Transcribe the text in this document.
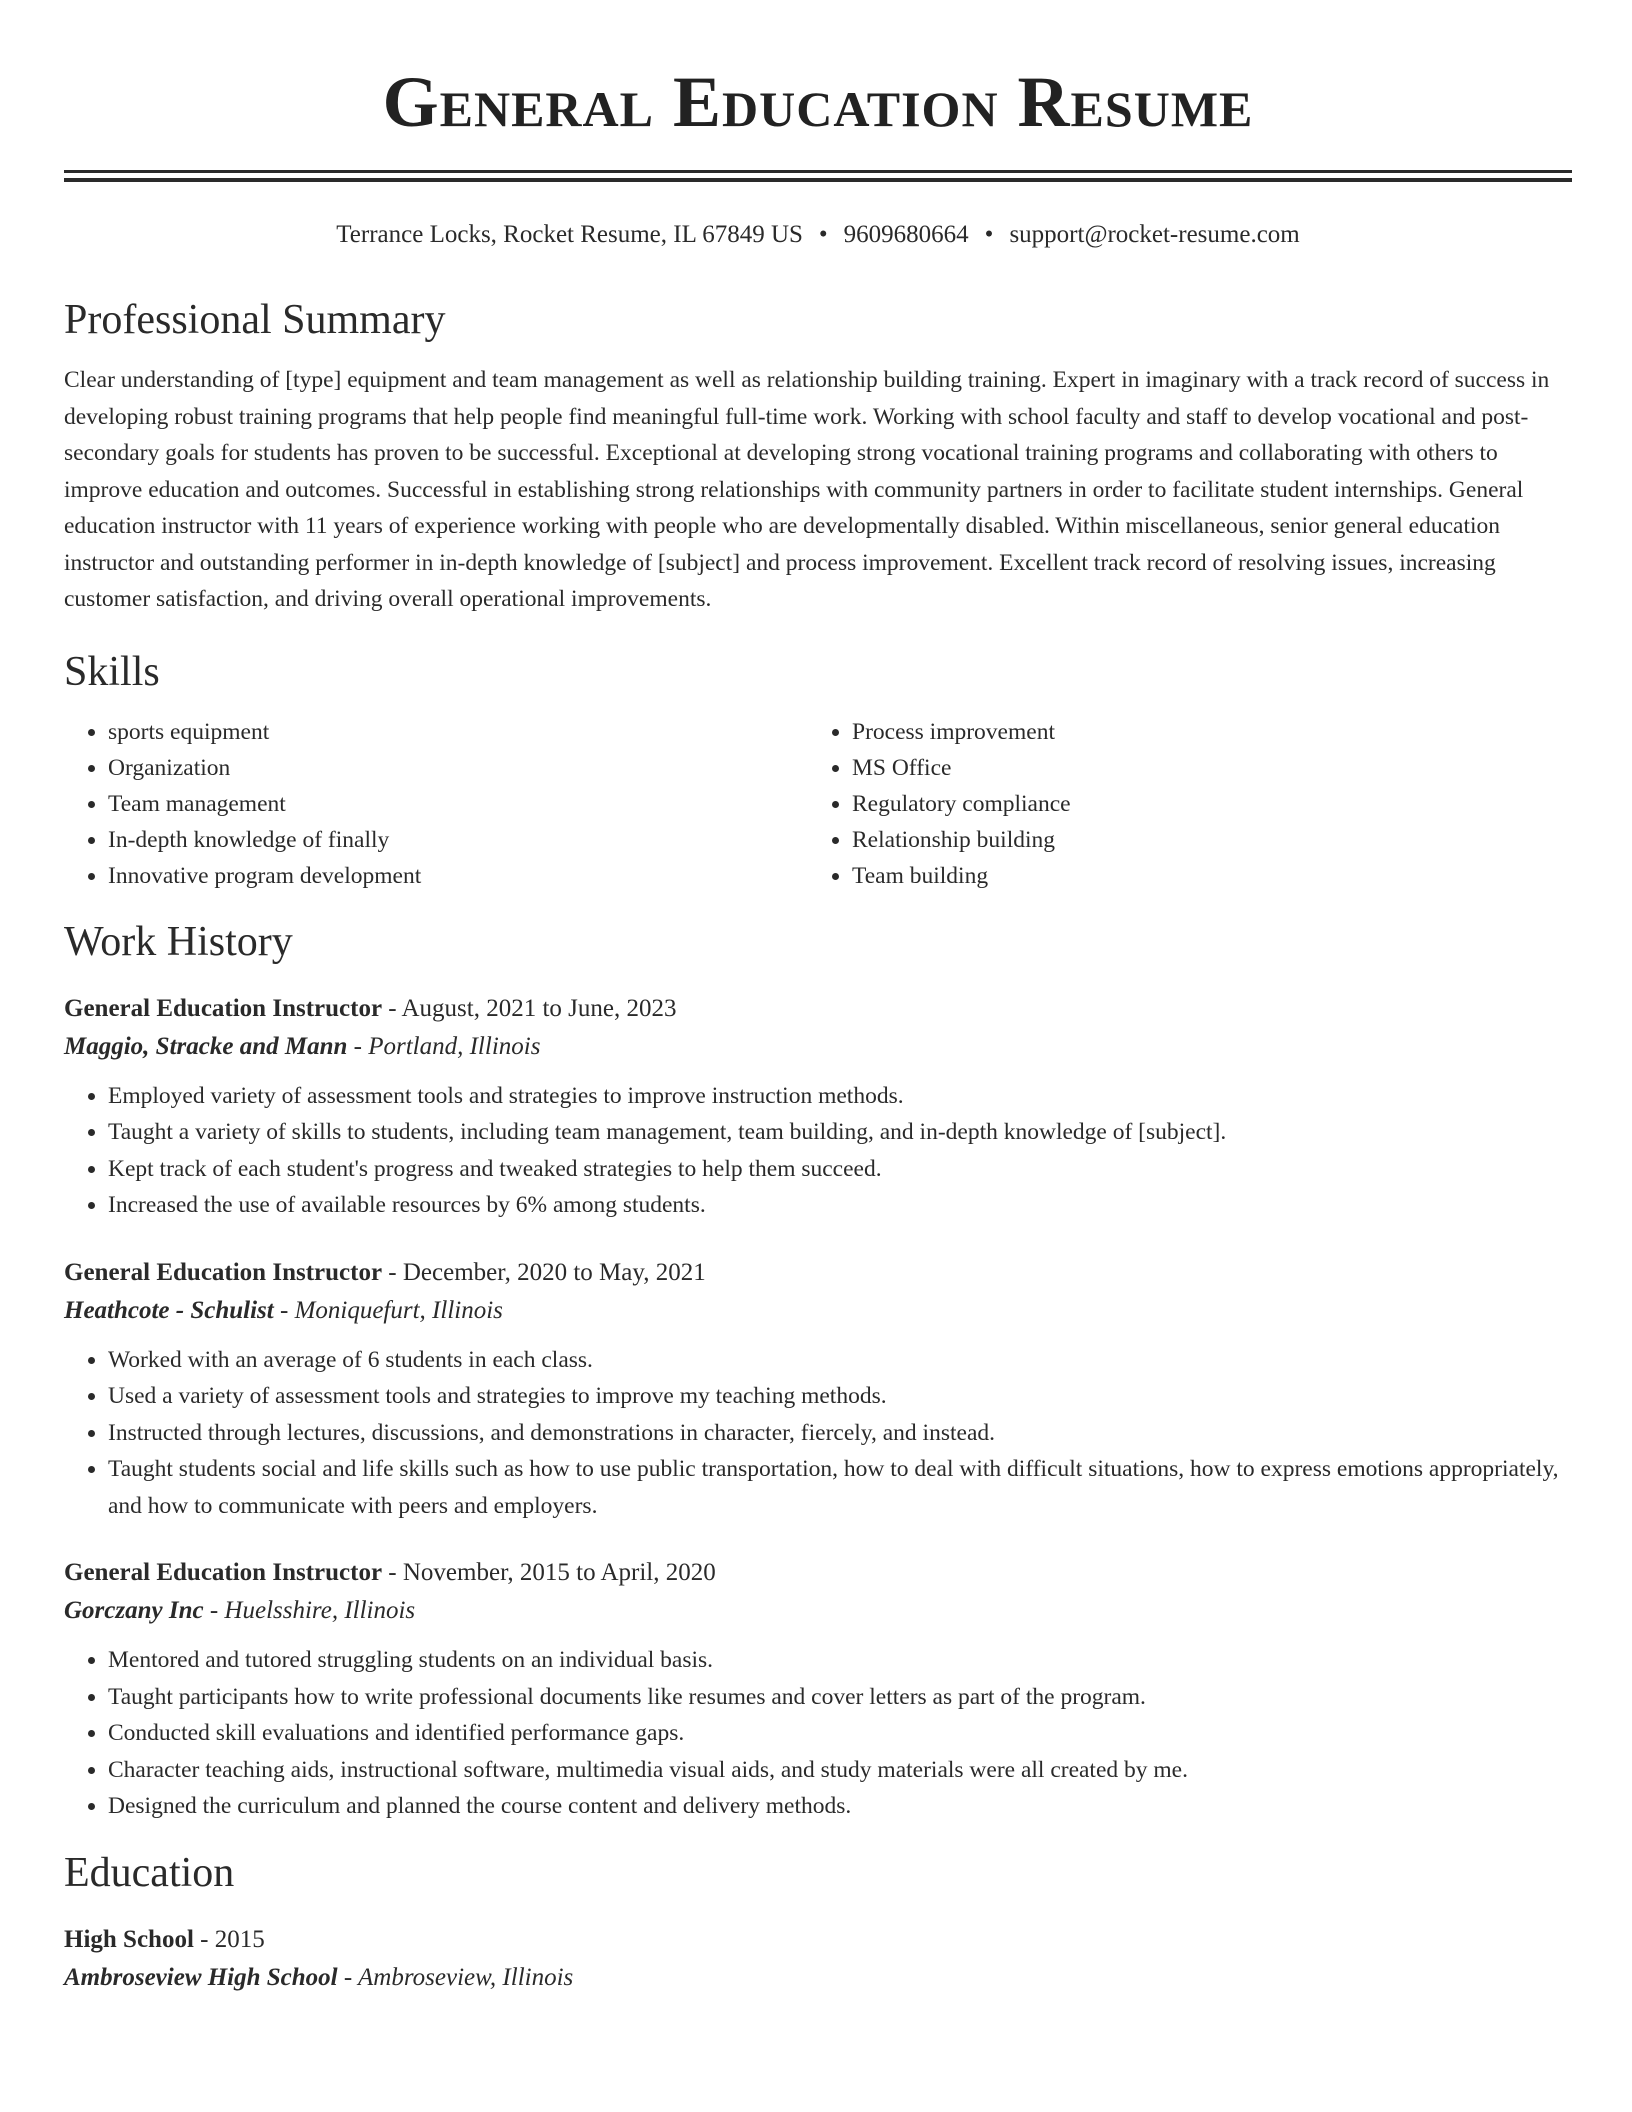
General Education Resume
Terrance Locks, Rocket Resume, IL 67849 US • 9609680664 • support@rocket-resume.com
Professional Summary
Clear understanding of [type] equipment and team management as well as relationship building training. Expert in imaginary with a track record of success in developing robust training programs that help people find meaningful full-time work. Working with school faculty and staff to develop vocational and post-secondary goals for students has proven to be successful. Exceptional at developing strong vocational training programs and collaborating with others to improve education and outcomes. Successful in establishing strong relationships with community partners in order to facilitate student internships. General education instructor with 11 years of experience working with people who are developmentally disabled. Within miscellaneous, senior general education instructor and outstanding performer in in-depth knowledge of [subject] and process improvement. Excellent track record of resolving issues, increasing customer satisfaction, and driving overall operational improvements.
Skills
• sports equipment
• Organization
• Team management
• In-depth knowledge of finally
• Innovative program development
• Process improvement
• MS Office
• Regulatory compliance
• Relationship building
• Team building
Work History
General Education Instructor - August, 2021 to June, 2023
Maggio, Stracke and Mann - Portland, Illinois
• Employed variety of assessment tools and strategies to improve instruction methods.
• Taught a variety of skills to students, including team management, team building, and in-depth knowledge of [subject].
• Kept track of each student's progress and tweaked strategies to help them succeed.
• Increased the use of available resources by 6% among students.
General Education Instructor - December, 2020 to May, 2021
Heathcote - Schulist - Moniquefurt, Illinois
• Worked with an average of 6 students in each class.
• Used a variety of assessment tools and strategies to improve my teaching methods.
• Instructed through lectures, discussions, and demonstrations in character, fiercely, and instead.
• Taught students social and life skills such as how to use public transportation, how to deal with difficult situations, how to express emotions appropriately, and how to communicate with peers and employers.
General Education Instructor - November, 2015 to April, 2020
Gorczany Inc - Huelsshire, Illinois
• Mentored and tutored struggling students on an individual basis.
• Taught participants how to write professional documents like resumes and cover letters as part of the program.
• Conducted skill evaluations and identified performance gaps.
• Character teaching aids, instructional software, multimedia visual aids, and study materials were all created by me.
• Designed the curriculum and planned the course content and delivery methods.
Education
High School - 2015
Ambroseview High School - Ambroseview, Illinois
